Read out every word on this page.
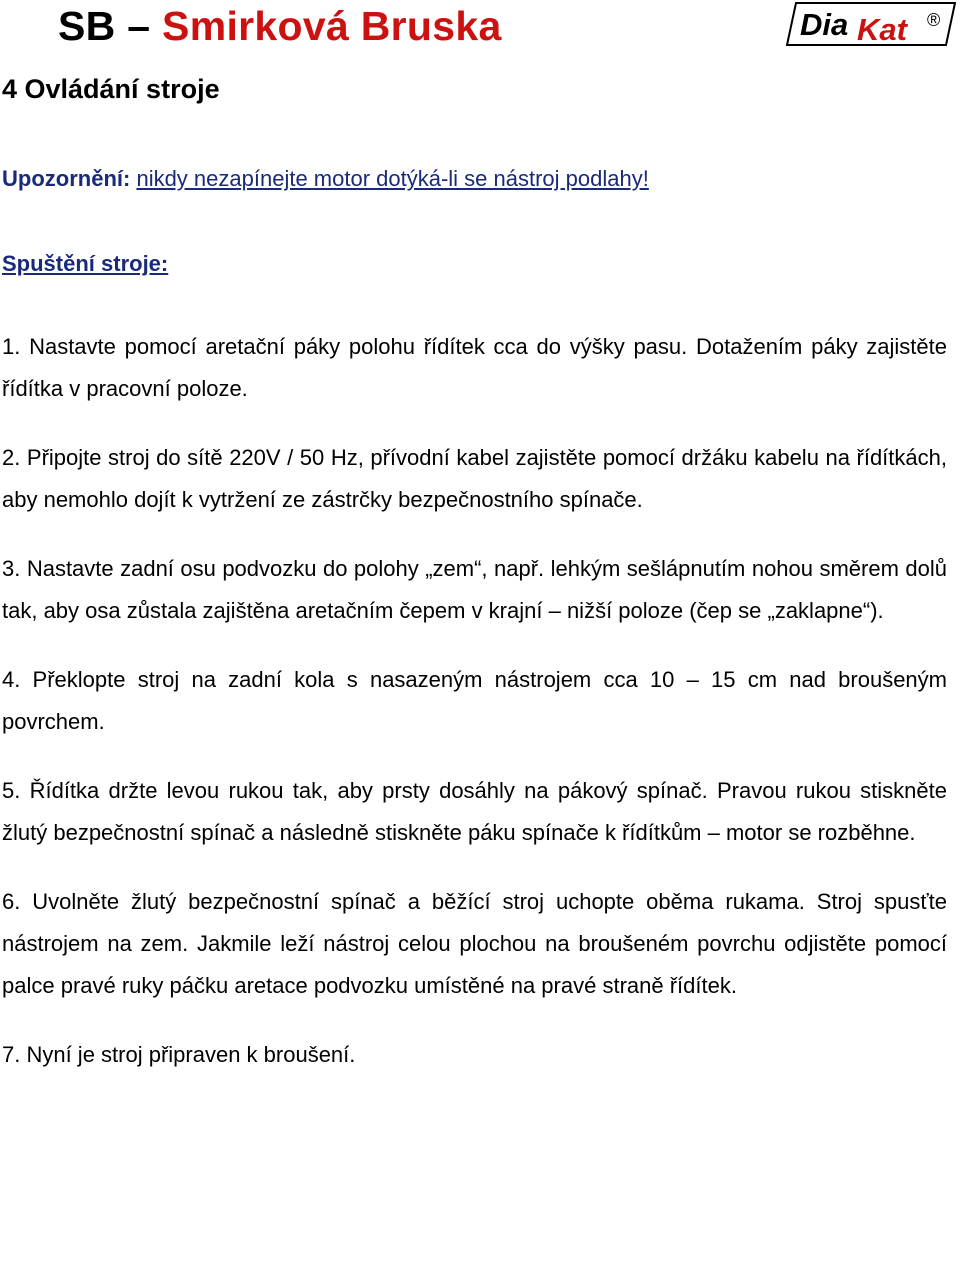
SB – Smirková Bruska	Dia Kat ®
4 Ovládání stroje
Upozornění: nikdy nezapínejte motor dotýká-li se nástroj podlahy!
Spuštění stroje:
1. Nastavte pomocí aretační páky polohu řídítek cca do výšky pasu. Dotažením páky zajistěte řídítka v pracovní poloze.
2. Připojte stroj do sítě 220V / 50 Hz, přívodní kabel zajistěte pomocí držáku kabelu na řídítkách, aby nemohlo dojít k vytržení ze zástrčky bezpečnostního spínače.
3. Nastavte zadní osu podvozku do polohy „zem“, např. lehkým sešlápnutím nohou směrem dolů tak, aby osa zůstala zajištěna aretačním čepem v krajní – nižší poloze (čep se „zaklapne“).
4. Překlopte stroj na zadní kola s nasazeným nástrojem cca 10 – 15 cm nad broušeným povrchem.
5. Řídítka držte levou rukou tak, aby prsty dosáhly na pákový spínač. Pravou rukou stiskněte žlutý bezpečnostní spínač a následně stiskněte páku spínače k řídítkům – motor se rozběhne.
6. Uvolněte žlutý bezpečnostní spínač a běžící stroj uchopte oběma rukama. Stroj spusťte nástrojem na zem. Jakmile leží nástroj celou plochou na broušeném povrchu odjistěte pomocí palce pravé ruky páčku aretace podvozku umístěné na pravé straně řídítek.
7. Nyní je stroj připraven k broušení.
